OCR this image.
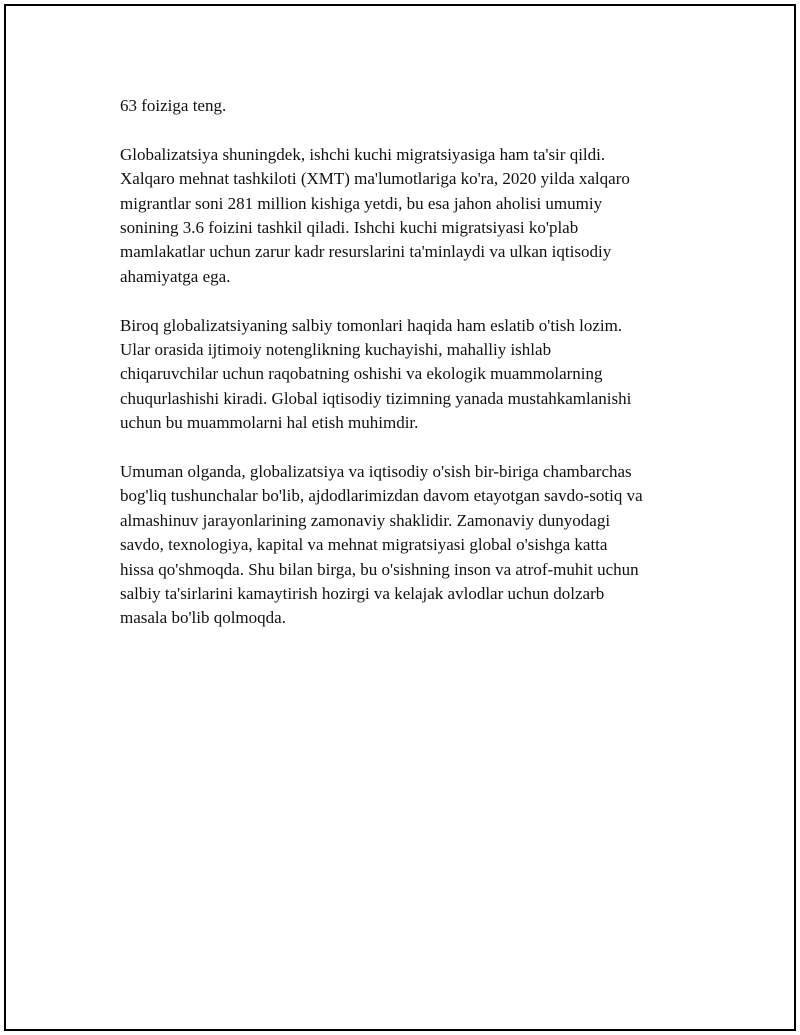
63 foiziga teng.

Globalizatsiya shuningdek, ishchi kuchi migratsiyasiga ham ta'sir qildi.
Xalqaro mehnat tashkiloti (XMT) ma'lumotlariga ko'ra, 2020 yilda xalqaro
migrantlar soni 281 million kishiga yetdi, bu esa jahon aholisi umumiy
sonining 3.6 foizini tashkil qiladi. Ishchi kuchi migratsiyasi ko'plab
mamlakatlar uchun zarur kadr resurslarini ta'minlaydi va ulkan iqtisodiy
ahamiyatga ega.

Biroq globalizatsiyaning salbiy tomonlari haqida ham eslatib o'tish lozim.
Ular orasida ijtimoiy notenglikning kuchayishi, mahalliy ishlab
chiqaruvchilar uchun raqobatning oshishi va ekologik muammolarning
chuqurlashishi kiradi. Global iqtisodiy tizimning yanada mustahkamlanishi
uchun bu muammolarni hal etish muhimdir.

Umuman olganda, globalizatsiya va iqtisodiy o'sish bir-biriga chambarchas
bog'liq tushunchalar bo'lib, ajdodlarimizdan davom etayotgan savdo-sotiq va
almashinuv jarayonlarining zamonaviy shaklidir. Zamonaviy dunyodagi
savdo, texnologiya, kapital va mehnat migratsiyasi global o'sishga katta
hissa qo'shmoqda. Shu bilan birga, bu o'sishning inson va atrof-muhit uchun
salbiy ta'sirlarini kamaytirish hozirgi va kelajak avlodlar uchun dolzarb
masala bo'lib qolmoqda.
